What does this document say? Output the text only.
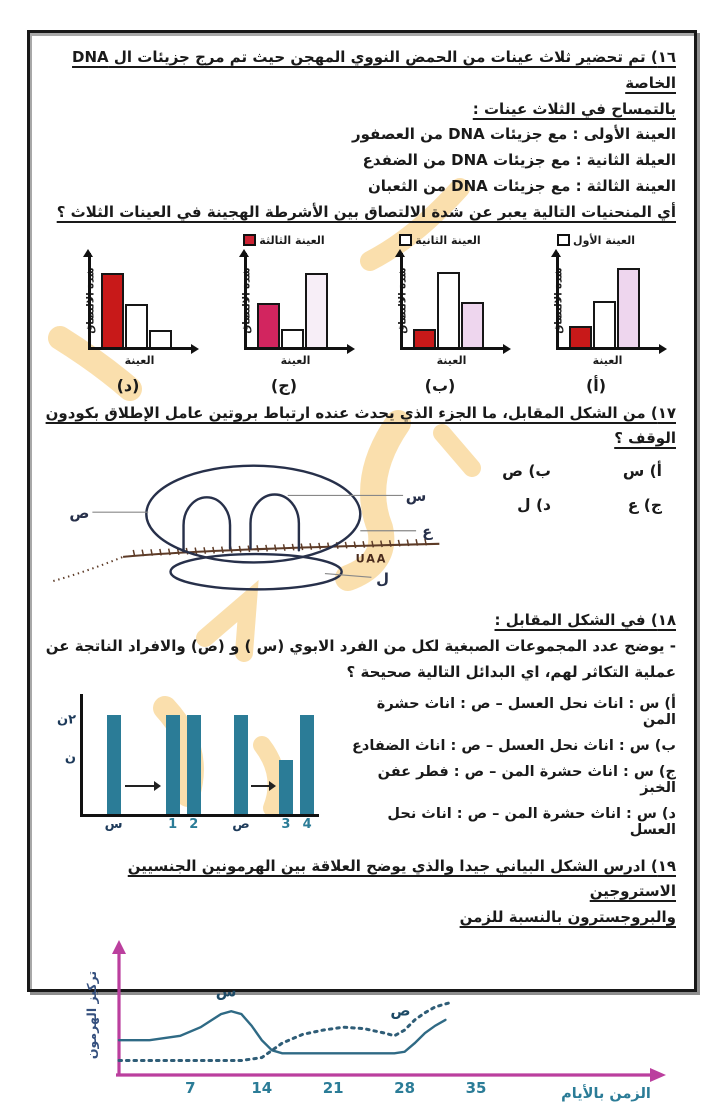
١٦) تم تحضير ثلاث عينات من الحمض النووي المهجن حيث تم مرج جزيئات ال DNA الخاصة
بالتمساح في الثلاث عينات :
العينة الأولى : مع جزيئات DNA من العصفور
العيلة الثانية : مع جزيئات DNA من الضفدع
العينة الثالثة : مع جزيئات DNA من الثعبان
أي المنحنيات التالية يعبر عن شدة الالتصاق بين الأشرطة الهجينة في العينات الثلاث ؟
العينة الأول
شدة الالتصاق
العينة
(أ)
العينة الثانية
شدة الالتصاق
العينة
(ب)
العينة الثالثة
شدة الالتصاق
العينة
(ج)
شدة الالتصاق
العينة
(د)
١٧) من الشكل المقابل، ما الجزء الذي يحدث عنده ارتباط بروتين عامل الإطلاق بكودون الوقف ؟
أ) س
ب) ص
ج) ع
د) ل
ص
س
ع
ل
UAA
١٨) في الشكل المقابل :
- يوضح عدد المجموعات الصبغية لكل من الفرد الابوي (س ) و (ص) والافراد الناتجة عن
عملية التكاثر لهم، اي البدائل التالية صحيحة ؟
أ) س : اناث نحل العسل – ص : اناث حشرة المن
ب) س : اناث نحل العسل – ص : اناث الضفادع
ج) س : اناث حشرة المن – ص : فطر عفن الخبز
د) س : اناث حشرة المن – ص : اناث نحل العسل
٢ن
ن
س	1 2	ص 3 4
١٩) ادرس الشكل البياني جيدا والذي يوضح العلاقة بين الهرمونين الجنسيين الاستروجين
والبروجسترون بالنسبة للزمن
تركيز الهرمون
الزمن بالأيام
7	14	21	28	35
س
ص
